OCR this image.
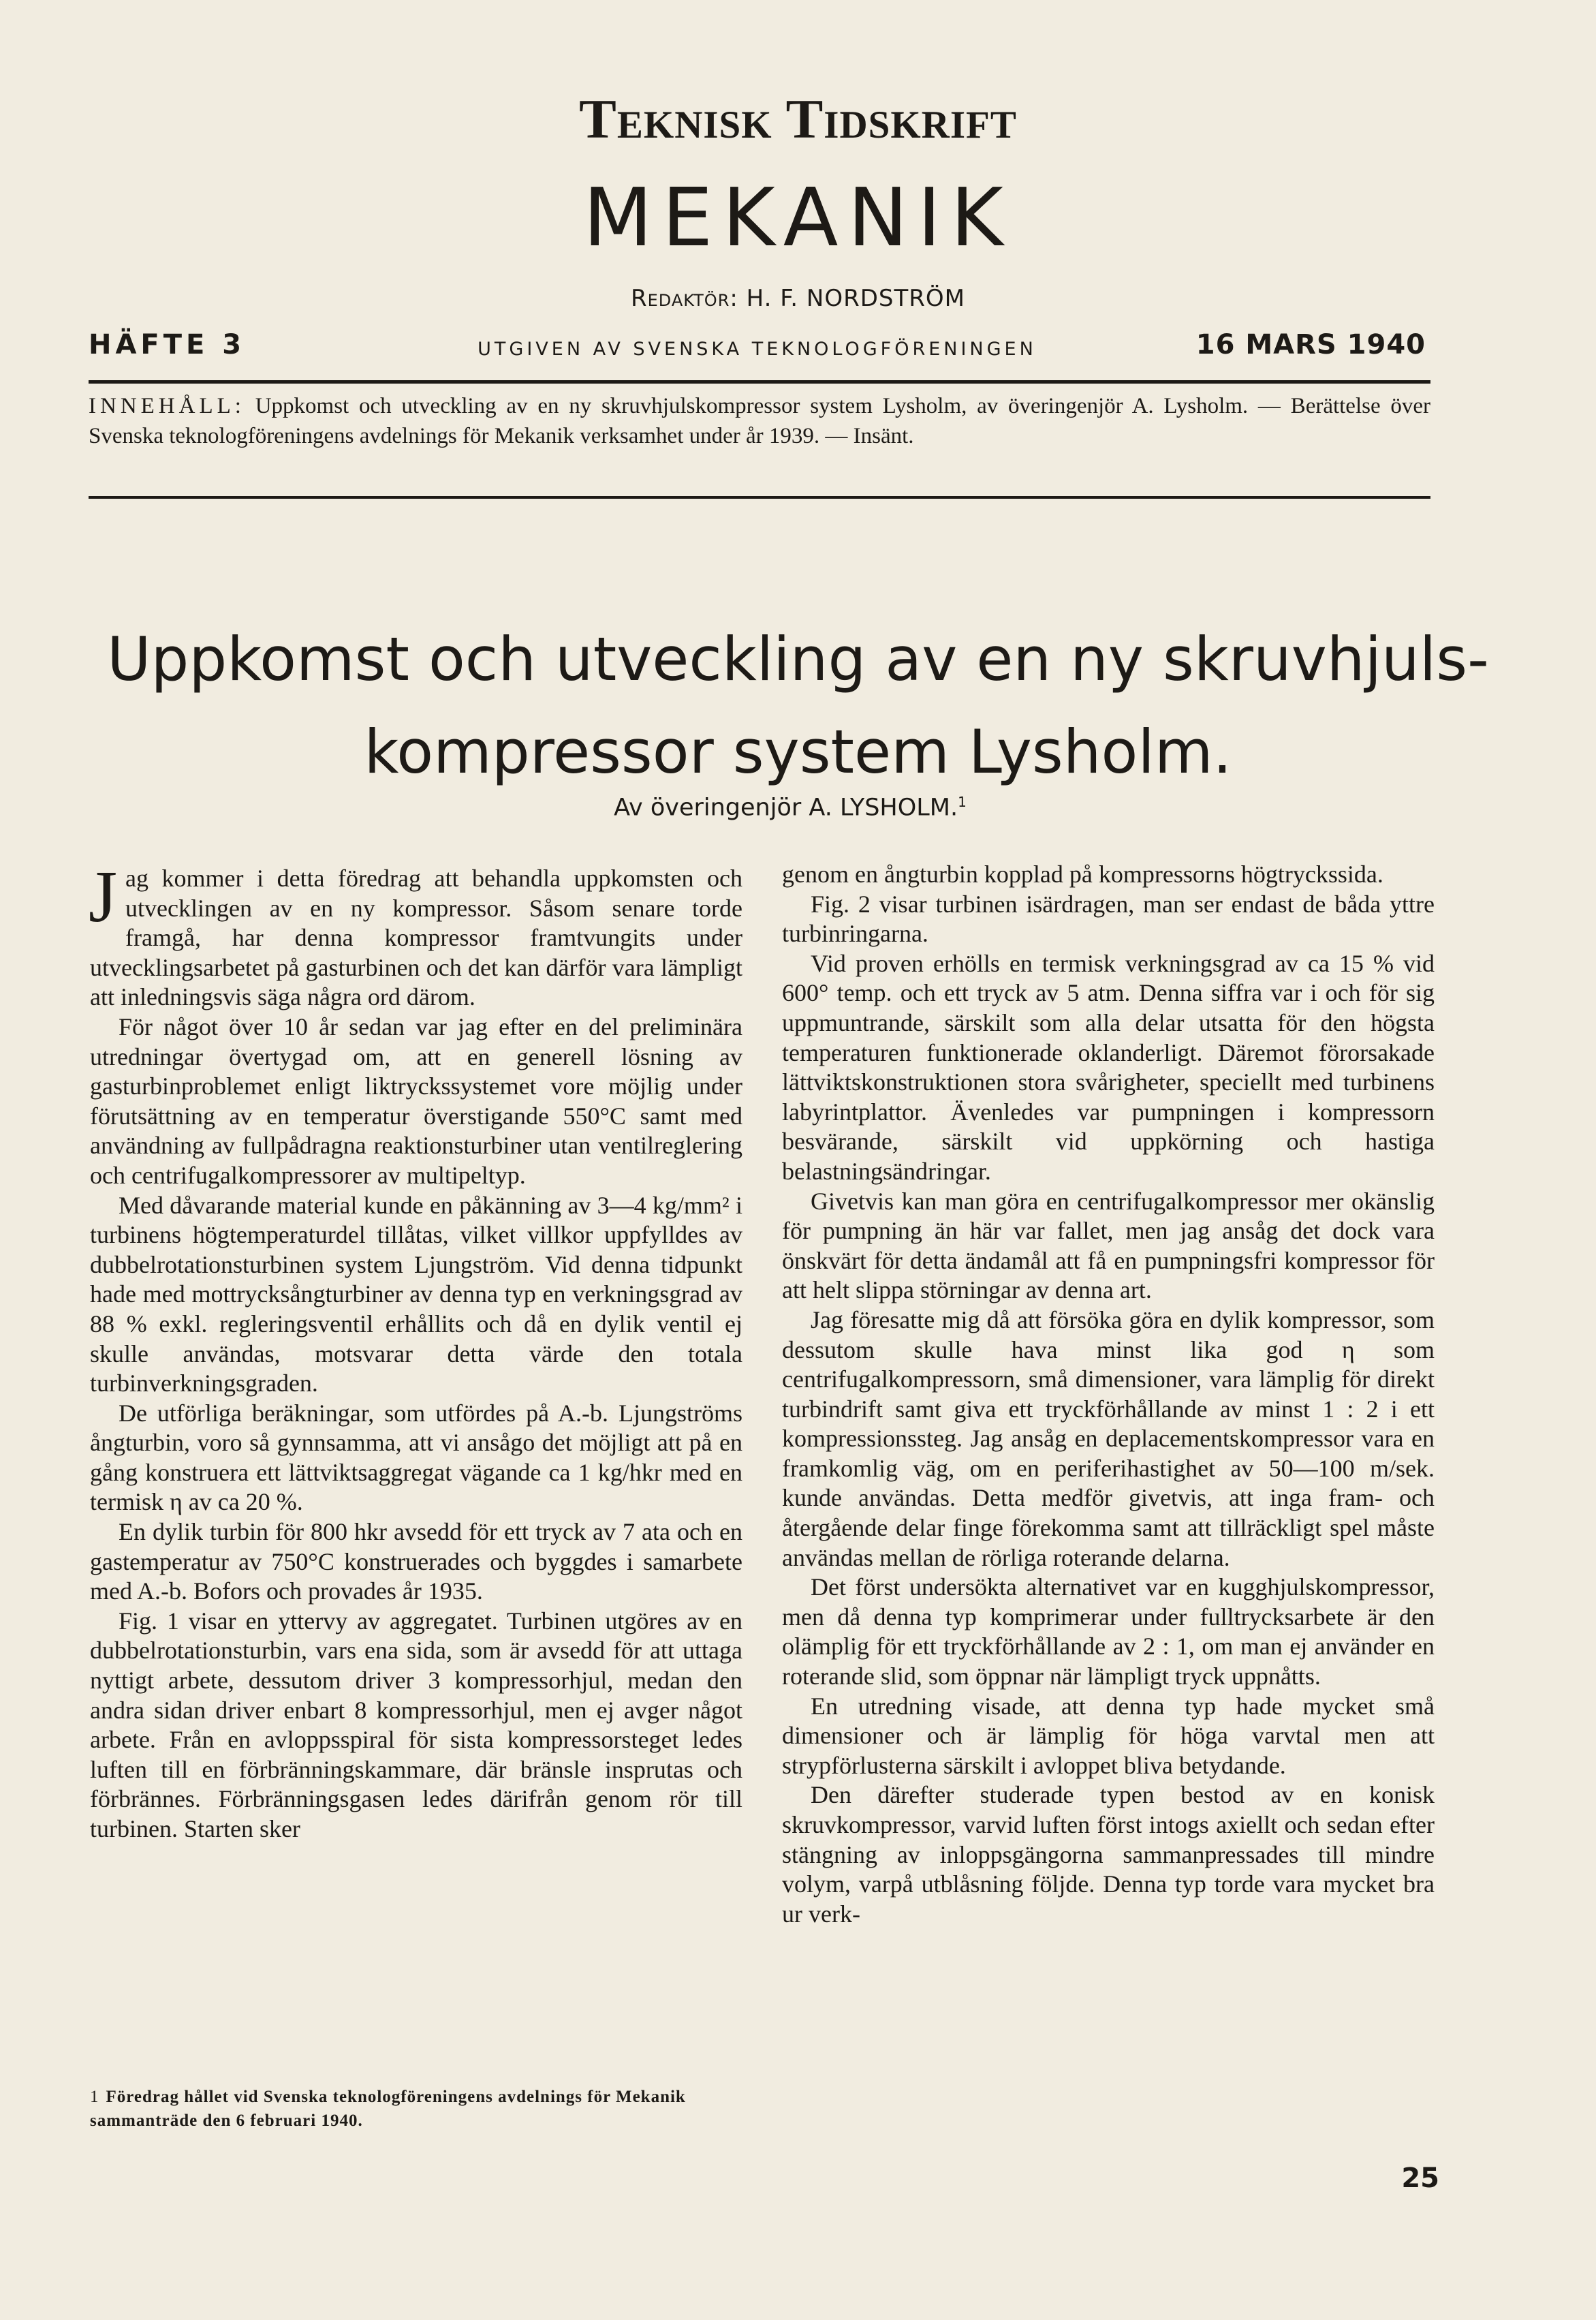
Teknisk Tidskrift
MEKANIK
Redaktör: H. F. NORDSTRÖM
HÄFTE 3	UTGIVEN AV SVENSKA TEKNOLOGFÖRENINGEN	16 MARS 1940
INNEHÅLL: Uppkomst och utveckling av en ny skruvhjulskompressor system Lysholm, av överingenjör A. Lysholm. — Berättelse över Svenska teknologföreningens avdelnings för Mekanik verksamhet under år 1939. — Insänt.
Uppkomst och utveckling av en ny skruvhjuls-
kompressor system Lysholm.
Av överingenjör A. LYSHOLM.$^1$

Jag kommer i detta föredrag att behandla uppkomsten och utvecklingen av en ny kompressor. Såsom senare torde framgå, har denna kompressor framtvungits under utvecklingsarbetet på gasturbinen och det kan därför vara lämpligt att inledningsvis säga några ord därom.

För något över 10 år sedan var jag efter en del preliminära utredningar övertygad om, att en generell lösning av gasturbinproblemet enligt liktryckssystemet vore möjlig under förutsättning av en temperatur överstigande 550°C samt med användning av fullpådragna reaktionsturbiner utan ventilreglering och centrifugalkompressorer av multipeltyp.

Med dåvarande material kunde en påkänning av 3—4 kg/mm² i turbinens högtemperaturdel tillåtas, vilket villkor uppfylldes av dubbelrotationsturbinen system Ljungström. Vid denna tidpunkt hade med mottrycksångturbiner av denna typ en verkningsgrad av 88 % exkl. regleringsventil erhållits och då en dylik ventil ej skulle användas, motsvarar detta värde den totala turbinverkningsgraden.

De utförliga beräkningar, som utfördes på A.-b. Ljungströms ångturbin, voro så gynnsamma, att vi ansågo det möjligt att på en gång konstruera ett lättviktsaggregat vägande ca 1 kg/hkr med en termisk η av ca 20 %.

En dylik turbin för 800 hkr avsedd för ett tryck av 7 ata och en gastemperatur av 750°C konstruerades och byggdes i samarbete med A.-b. Bofors och provades år 1935.

Fig. 1 visar en yttervy av aggregatet. Turbinen utgöres av en dubbelrotationsturbin, vars ena sida, som är avsedd för att uttaga nyttigt arbete, dessutom driver 3 kompressorhjul, medan den andra sidan driver enbart 8 kompressorhjul, men ej avger något arbete. Från en avloppsspiral för sista kompressorsteget ledes luften till en förbränningskammare, där bränsle insprutas och förbrännes. Förbränningsgasen ledes därifrån genom rör till turbinen. Starten sker

genom en ångturbin kopplad på kompressorns högtryckssida.

Fig. 2 visar turbinen isärdragen, man ser endast de båda yttre turbinringarna.

Vid proven erhölls en termisk verkningsgrad av ca 15 % vid 600° temp. och ett tryck av 5 atm. Denna siffra var i och för sig uppmuntrande, särskilt som alla delar utsatta för den högsta temperaturen funktionerade oklanderligt. Däremot förorsakade lättviktskonstruktionen stora svårigheter, speciellt med turbinens labyrintplattor. Ävenledes var pumpningen i kompressorn besvärande, särskilt vid uppkörning och hastiga belastningsändringar.

Givetvis kan man göra en centrifugalkompressor mer okänslig för pumpning än här var fallet, men jag ansåg det dock vara önskvärt för detta ändamål att få en pumpningsfri kompressor för att helt slippa störningar av denna art.

Jag föresatte mig då att försöka göra en dylik kompressor, som dessutom skulle hava minst lika god η som centrifugalkompressorn, små dimensioner, vara lämplig för direkt turbindrift samt giva ett tryckförhållande av minst 1 : 2 i ett kompressionssteg. Jag ansåg en deplacementskompressor vara en framkomlig väg, om en periferihastighet av 50—100 m/sek. kunde användas. Detta medför givetvis, att inga fram- och återgående delar finge förekomma samt att tillräckligt spel måste användas mellan de rörliga roterande delarna.

Det först undersökta alternativet var en kugghjulskompressor, men då denna typ komprimerar under fulltrycksarbete är den olämplig för ett tryckförhållande av 2 : 1, om man ej använder en roterande slid, som öppnar när lämpligt tryck uppnåtts.

En utredning visade, att denna typ hade mycket små dimensioner och är lämplig för höga varvtal men att strypförlusterna särskilt i avloppet bliva betydande.

Den därefter studerade typen bestod av en konisk skruvkompressor, varvid luften först intogs axiellt och sedan efter stängning av inloppsgängorna sammanpressades till mindre volym, varpå utblåsning följde. Denna typ torde vara mycket bra ur verk-

1 Föredrag hållet vid Svenska teknologföreningens avdelnings för Mekanik sammanträde den 6 februari 1940.
25
